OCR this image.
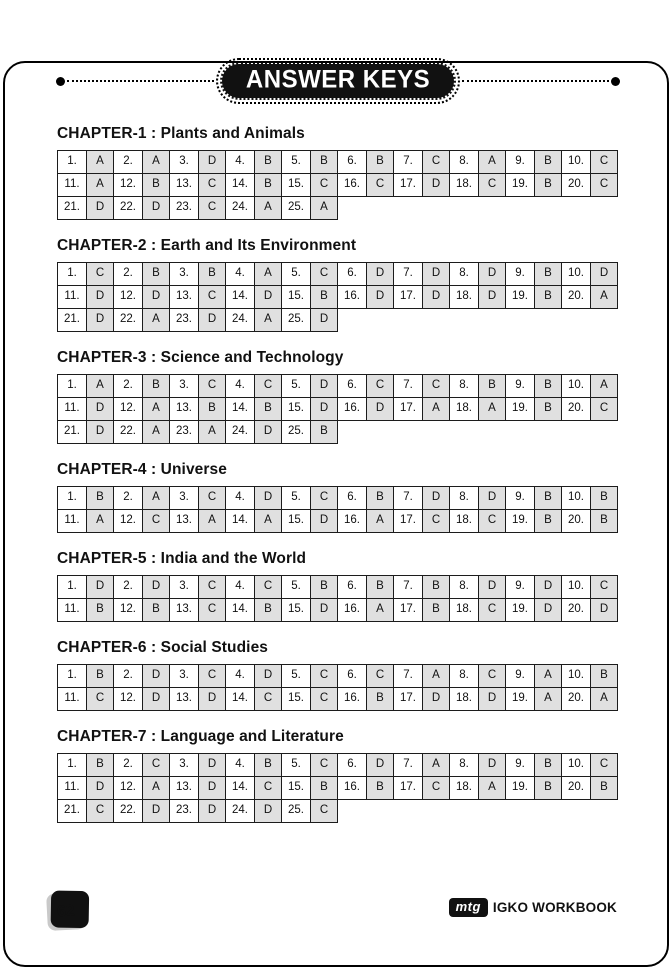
ANSWER KEYS
CHAPTER-1 : Plants and Animals
1.	A	2.	A	3.	D	4.	B	5.	B	6.	B	7.	C	8.	A	9.	B	10.	C
11.	A	12.	B	13.	C	14.	B	15.	C	16.	C	17.	D	18.	C	19.	B	20.	C
21.	D	22.	D	23.	C	24.	A	25.	A
CHAPTER-2 : Earth and Its Environment
1.	C	2.	B	3.	B	4.	A	5.	C	6.	D	7.	D	8.	D	9.	B	10.	D
11.	D	12.	D	13.	C	14.	D	15.	B	16.	D	17.	D	18.	D	19.	B	20.	A
21.	D	22.	A	23.	D	24.	A	25.	D
CHAPTER-3 : Science and Technology
1.	A	2.	B	3.	C	4.	C	5.	D	6.	C	7.	C	8.	B	9.	B	10.	A
11.	D	12.	A	13.	B	14.	B	15.	D	16.	D	17.	A	18.	A	19.	B	20.	C
21.	D	22.	A	23.	A	24.	D	25.	B
CHAPTER-4 : Universe
1.	B	2.	A	3.	C	4.	D	5.	C	6.	B	7.	D	8.	D	9.	B	10.	B
11.	A	12.	C	13.	A	14.	A	15.	D	16.	A	17.	C	18.	C	19.	B	20.	B
CHAPTER-5 : India and the World
1.	D	2.	D	3.	C	4.	C	5.	B	6.	B	7.	B	8.	D	9.	D	10.	C
11.	B	12.	B	13.	C	14.	B	15.	D	16.	A	17.	B	18.	C	19.	D	20.	D
CHAPTER-6 : Social Studies
1.	B	2.	D	3.	C	4.	D	5.	C	6.	C	7.	A	8.	C	9.	A	10.	B
11.	C	12.	D	13.	D	14.	C	15.	C	16.	B	17.	D	18.	D	19.	A	20.	A
CHAPTER-7 : Language and Literature
1.	B	2.	C	3.	D	4.	B	5.	C	6.	D	7.	A	8.	D	9.	B	10.	C
11.	D	12.	A	13.	D	14.	C	15.	B	16.	B	17.	C	18.	A	19.	B	20.	B
21.	C	22.	D	23.	D	24.	D	25.	C
62	mtg IGKO WORKBOOK
